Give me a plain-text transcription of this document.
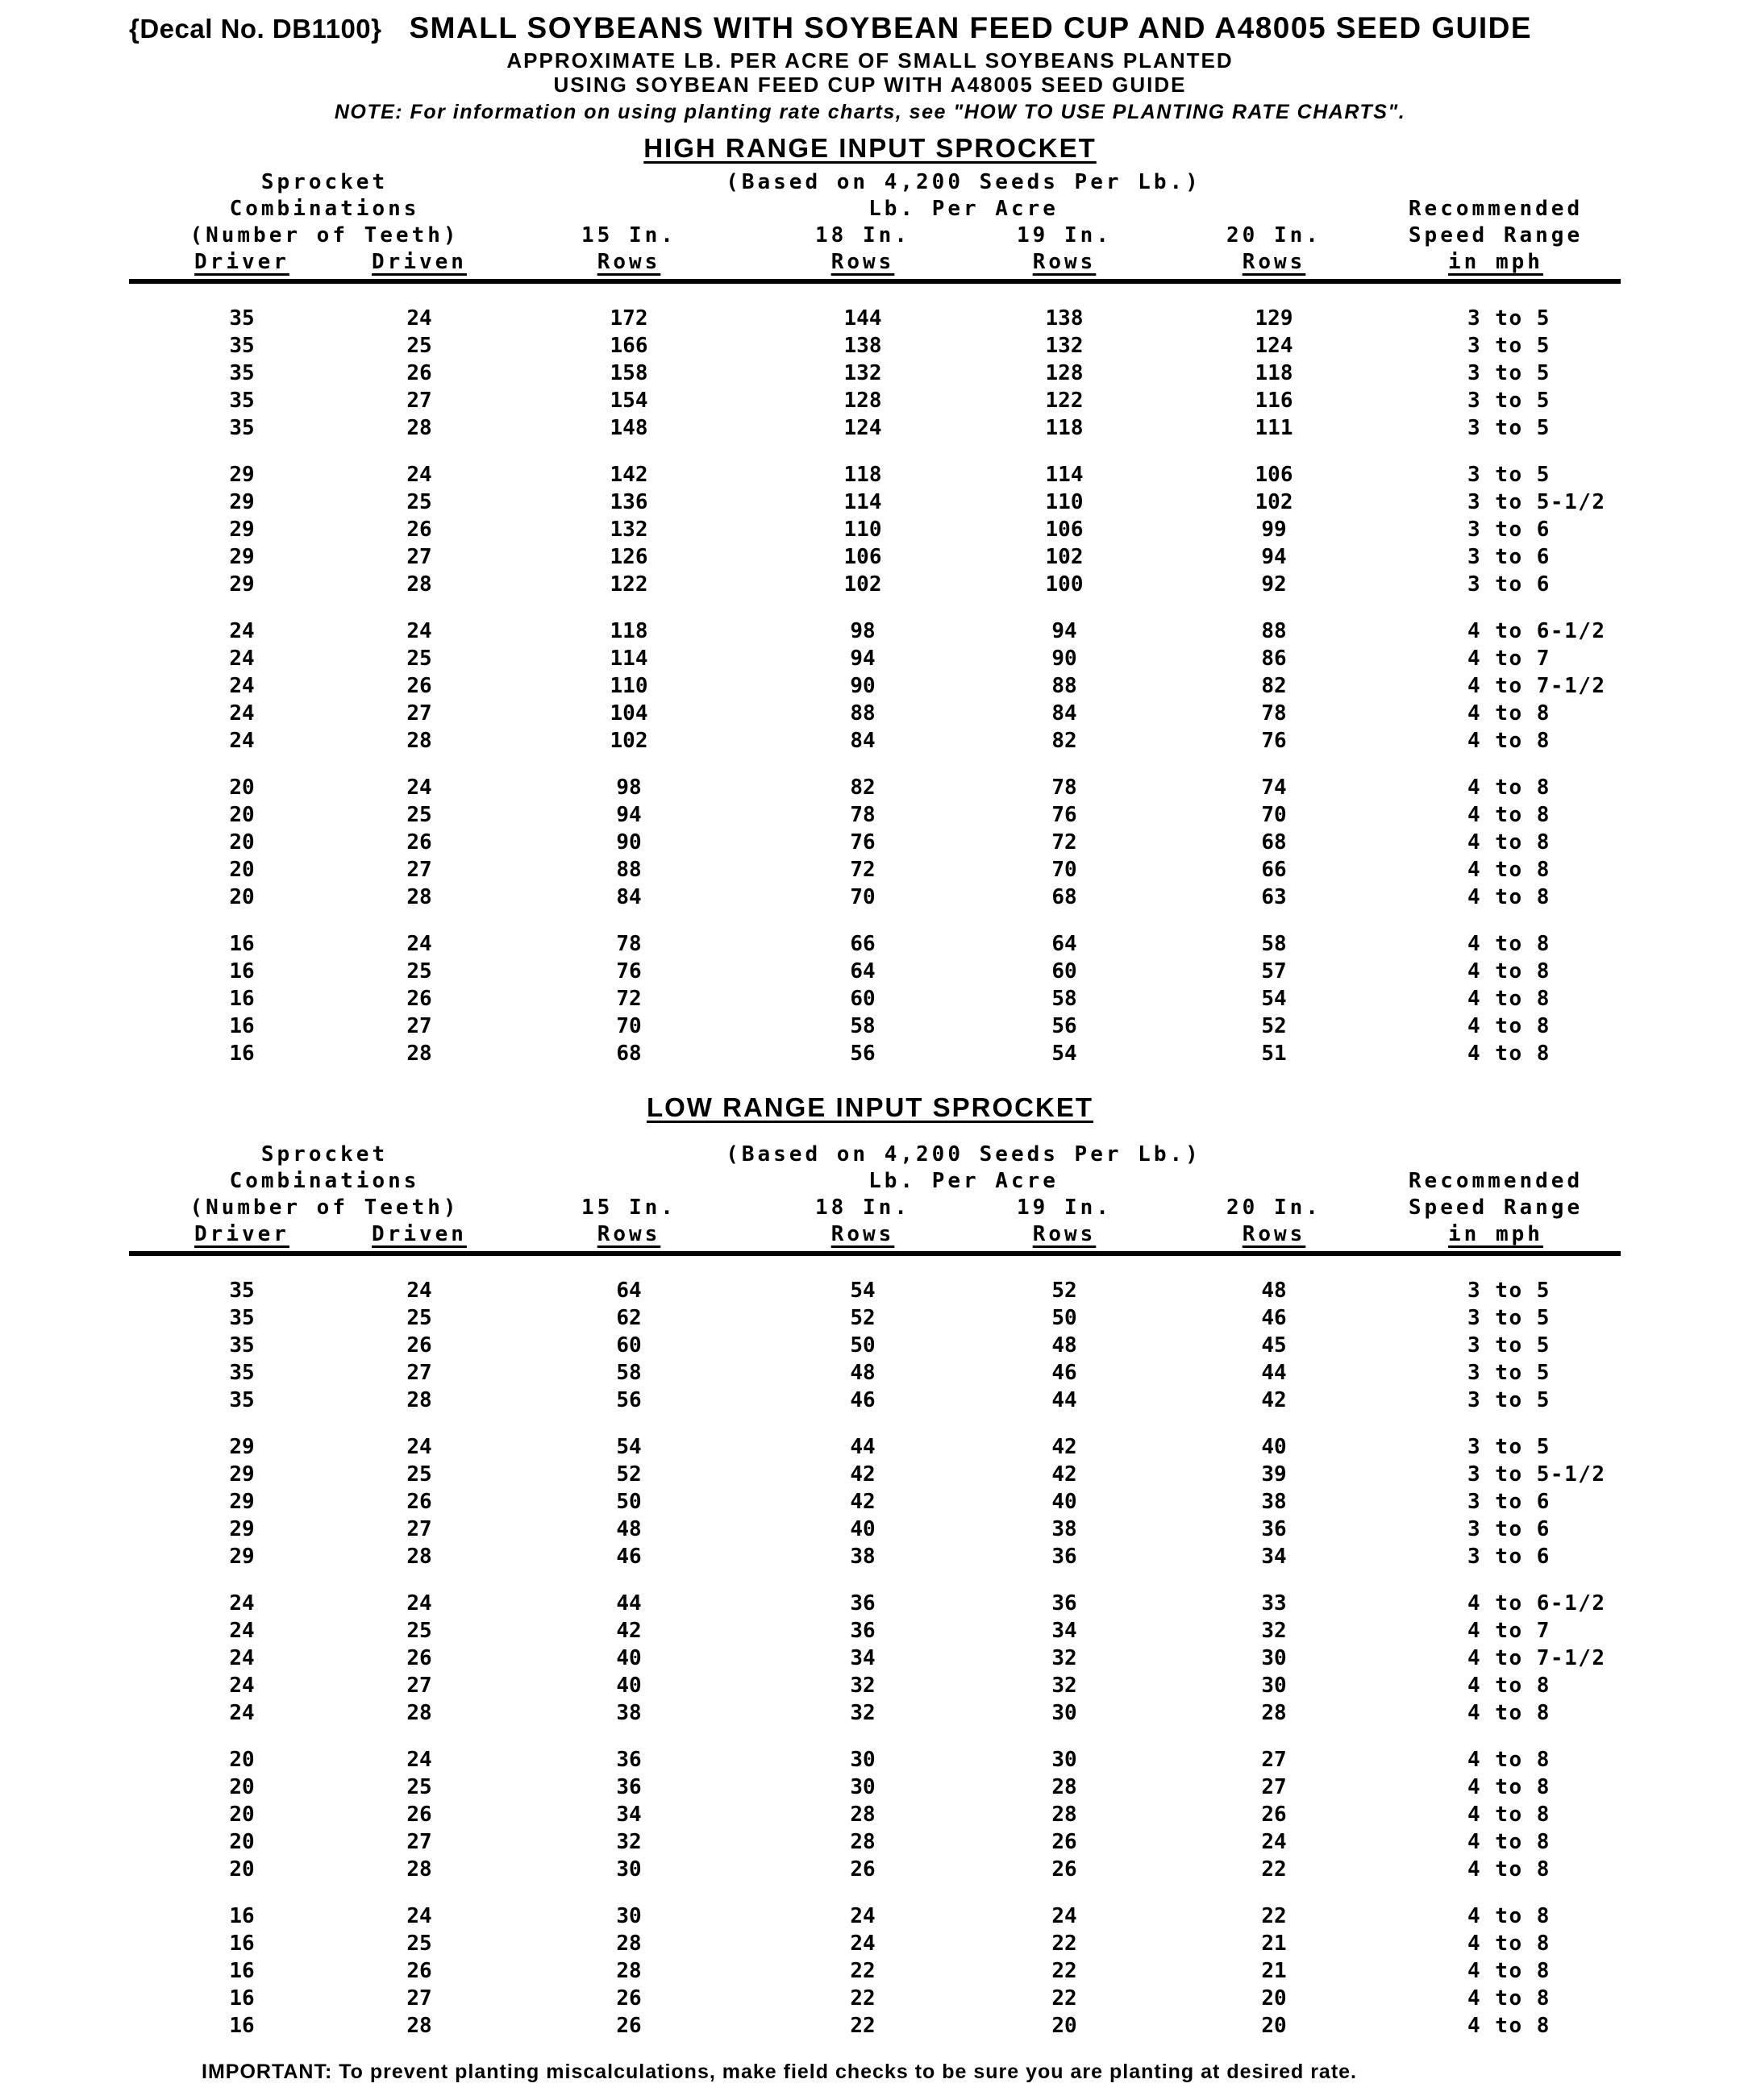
{Decal No. DB1100} SMALL SOYBEANS WITH SOYBEAN FEED CUP AND A48005 SEED GUIDE
APPROXIMATE LB. PER ACRE OF SMALL SOYBEANS PLANTED
USING SOYBEAN FEED CUP WITH A48005 SEED GUIDE
NOTE: For information on using planting rate charts, see "HOW TO USE PLANTING RATE CHARTS".
HIGH RANGE INPUT SPROCKET
Sprocket	(Based on 4,200 Seeds Per Lb.)
Combinations	Lb. Per Acre	Recommended
(Number of Teeth)	15 In.	18 In.	19 In.	20 In.	Speed Range
Driver	Driven	Rows	Rows	Rows	Rows	in mph
35	24	172	144	138	129	3 to 5
35	25	166	138	132	124	3 to 5
35	26	158	132	128	118	3 to 5
35	27	154	128	122	116	3 to 5
35	28	148	124	118	111	3 to 5
29	24	142	118	114	106	3 to 5
29	25	136	114	110	102	3 to 5-1/2
29	26	132	110	106	99	3 to 6
29	27	126	106	102	94	3 to 6
29	28	122	102	100	92	3 to 6
24	24	118	98	94	88	4 to 6-1/2
24	25	114	94	90	86	4 to 7
24	26	110	90	88	82	4 to 7-1/2
24	27	104	88	84	78	4 to 8
24	28	102	84	82	76	4 to 8
20	24	98	82	78	74	4 to 8
20	25	94	78	76	70	4 to 8
20	26	90	76	72	68	4 to 8
20	27	88	72	70	66	4 to 8
20	28	84	70	68	63	4 to 8
16	24	78	66	64	58	4 to 8
16	25	76	64	60	57	4 to 8
16	26	72	60	58	54	4 to 8
16	27	70	58	56	52	4 to 8
16	28	68	56	54	51	4 to 8
LOW RANGE INPUT SPROCKET
Sprocket	(Based on 4,200 Seeds Per Lb.)
Combinations	Lb. Per Acre	Recommended
(Number of Teeth)	15 In.	18 In.	19 In.	20 In.	Speed Range
Driver	Driven	Rows	Rows	Rows	Rows	in mph
35	24	64	54	52	48	3 to 5
35	25	62	52	50	46	3 to 5
35	26	60	50	48	45	3 to 5
35	27	58	48	46	44	3 to 5
35	28	56	46	44	42	3 to 5
29	24	54	44	42	40	3 to 5
29	25	52	42	42	39	3 to 5-1/2
29	26	50	42	40	38	3 to 6
29	27	48	40	38	36	3 to 6
29	28	46	38	36	34	3 to 6
24	24	44	36	36	33	4 to 6-1/2
24	25	42	36	34	32	4 to 7
24	26	40	34	32	30	4 to 7-1/2
24	27	40	32	32	30	4 to 8
24	28	38	32	30	28	4 to 8
20	24	36	30	30	27	4 to 8
20	25	36	30	28	27	4 to 8
20	26	34	28	28	26	4 to 8
20	27	32	28	26	24	4 to 8
20	28	30	26	26	22	4 to 8
16	24	30	24	24	22	4 to 8
16	25	28	24	22	21	4 to 8
16	26	28	22	22	21	4 to 8
16	27	26	22	22	20	4 to 8
16	28	26	22	20	20	4 to 8
IMPORTANT: To prevent planting miscalculations, make field checks to be sure you are planting at desired rate.
